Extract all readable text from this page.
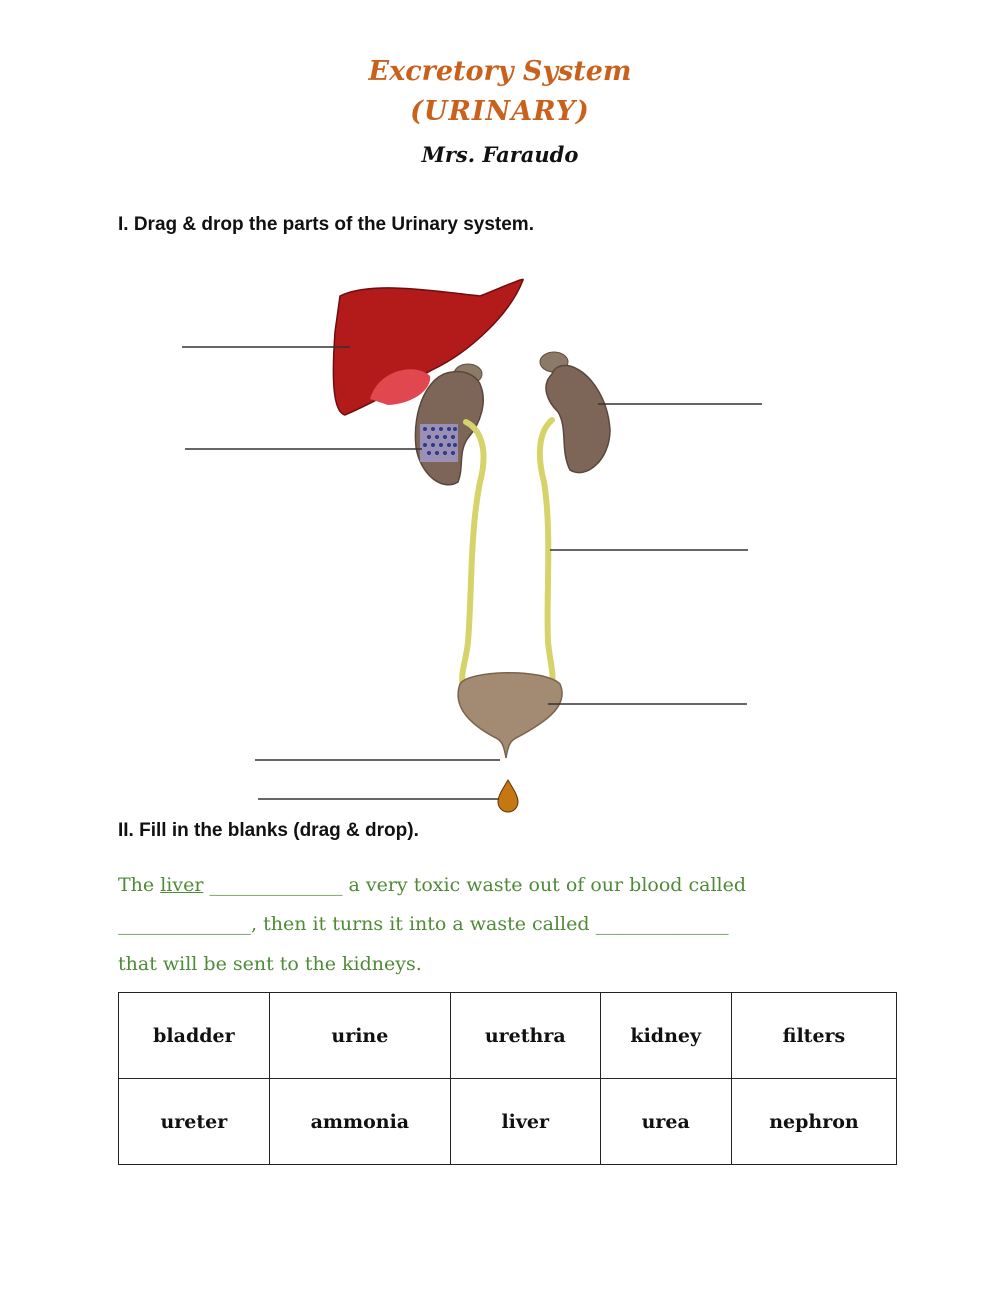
Excretory System
(URINARY)
Mrs. Faraudo
I. Drag & drop the parts of the Urinary system.
II. Fill in the blanks (drag & drop).
The liver ______________ a very toxic waste out of our blood called
______________, then it turns it into a waste called ______________
that will be sent to the kidneys.
bladder	urine	urethra	kidney	filters
ureter	ammonia	liver	urea	nephron
